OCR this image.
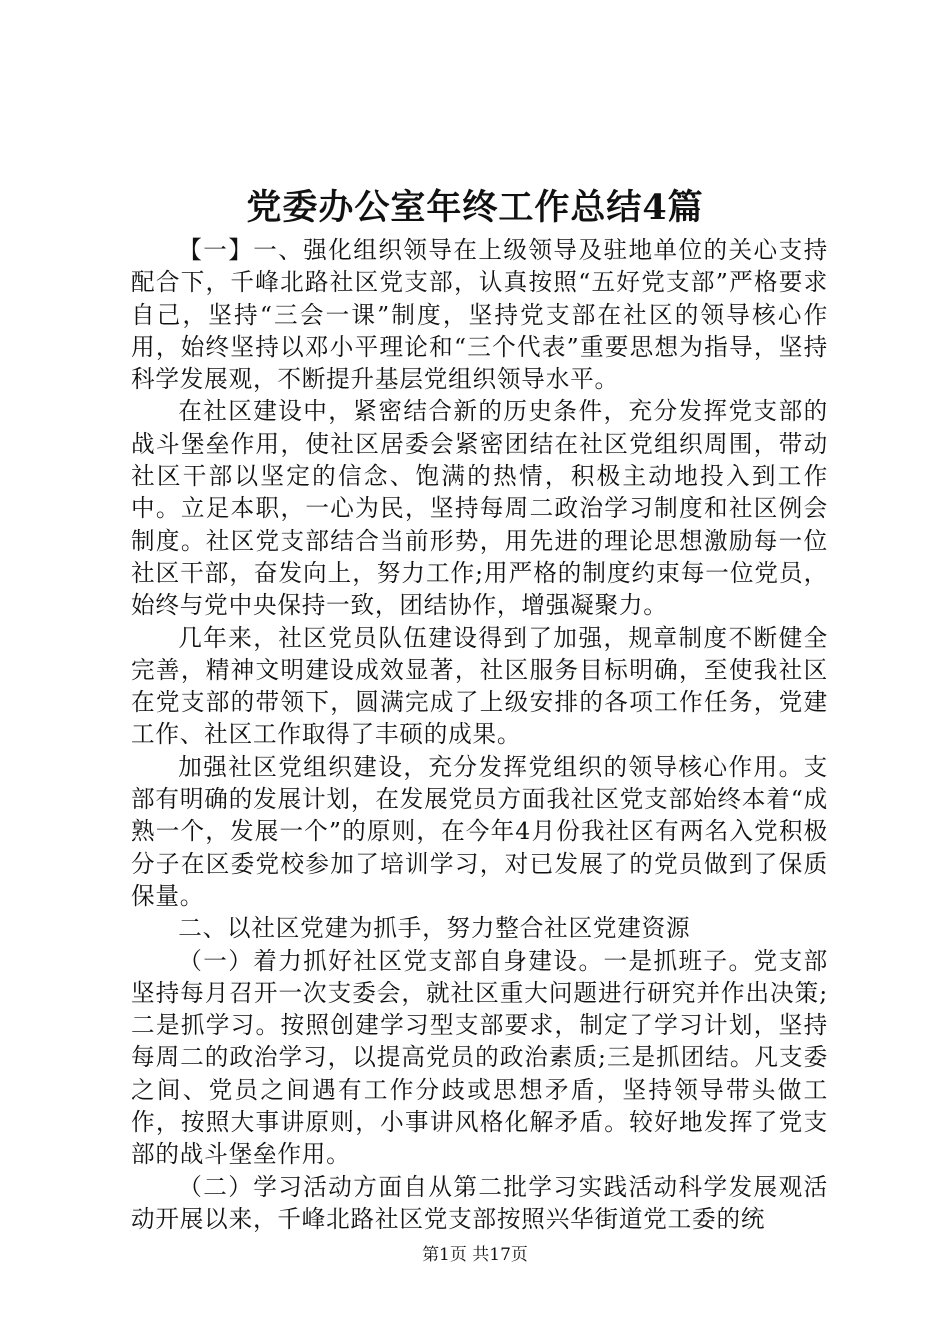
党委办公室年终工作总结4篇

【一】一、强化组织领导在上级领导及驻地单位的关心支持配合下，千峰北路社区党支部，认真按照“五好党支部”严格要求自己，坚持“三会一课”制度，坚持党支部在社区的领导核心作用，始终坚持以邓小平理论和“三个代表”重要思想为指导，坚持科学发展观，不断提升基层党组织领导水平。

在社区建设中，紧密结合新的历史条件，充分发挥党支部的战斗堡垒作用，使社区居委会紧密团结在社区党组织周围，带动社区干部以坚定的信念、饱满的热情，积极主动地投入到工作中。立足本职，一心为民，坚持每周二政治学习制度和社区例会制度。社区党支部结合当前形势，用先进的理论思想激励每一位社区干部，奋发向上，努力工作;用严格的制度约束每一位党员，始终与党中央保持一致，团结协作，增强凝聚力。

几年来，社区党员队伍建设得到了加强，规章制度不断健全完善，精神文明建设成效显著，社区服务目标明确，至使我社区在党支部的带领下，圆满完成了上级安排的各项工作任务，党建工作、社区工作取得了丰硕的成果。

加强社区党组织建设，充分发挥党组织的领导核心作用。支部有明确的发展计划，在发展党员方面我社区党支部始终本着“成熟一个，发展一个”的原则，在今年4月份我社区有两名入党积极分子在区委党校参加了培训学习，对已发展了的党员做到了保质保量。

二、以社区党建为抓手，努力整合社区党建资源

（一）着力抓好社区党支部自身建设。一是抓班子。党支部坚持每月召开一次支委会，就社区重大问题进行研究并作出决策;二是抓学习。按照创建学习型支部要求，制定了学习计划，坚持每周二的政治学习，以提高党员的政治素质;三是抓团结。凡支委之间、党员之间遇有工作分歧或思想矛盾，坚持领导带头做工作，按照大事讲原则，小事讲风格化解矛盾。较好地发挥了党支部的战斗堡垒作用。

（二）学习活动方面自从第二批学习实践活动科学发展观活动开展以来，千峰北路社区党支部按照兴华街道党工委的统

第1页 共17页
